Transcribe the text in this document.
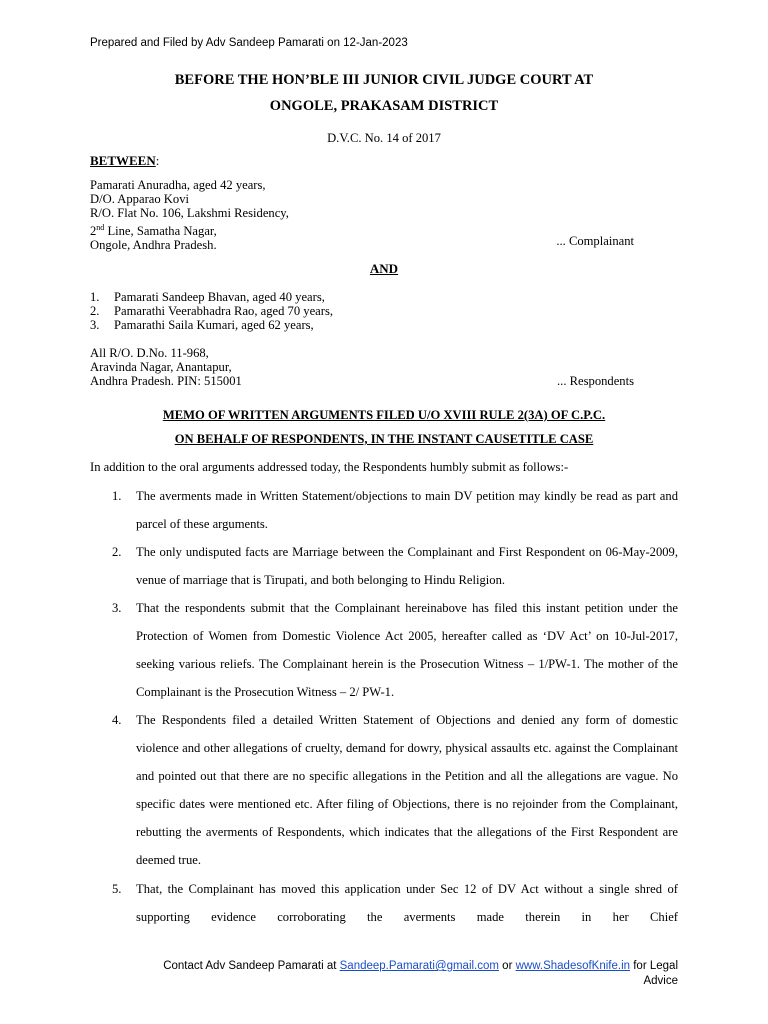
Prepared and Filed by Adv Sandeep Pamarati on 12-Jan-2023
BEFORE THE HON’BLE III JUNIOR CIVIL JUDGE COURT AT
ONGOLE, PRAKASAM DISTRICT
D.V.C. No. 14 of 2017
BETWEEN:
Pamarati Anuradha, aged 42 years,
D/O. Apparao Kovi
R/O. Flat No. 106, Lakshmi Residency,
2nd Line, Samatha Nagar,
Ongole, Andhra Pradesh.	... Complainant
AND
1.	Pamarati Sandeep Bhavan, aged 40 years,
2.	Pamarathi Veerabhadra Rao, aged 70 years,
3.	Pamarathi Saila Kumari, aged 62 years,
All R/O. D.No. 11-968,
Aravinda Nagar, Anantapur,
Andhra Pradesh. PIN: 515001	... Respondents
MEMO OF WRITTEN ARGUMENTS FILED U/O XVIII RULE 2(3A) OF C.P.C.
ON BEHALF OF RESPONDENTS, IN THE INSTANT CAUSETITLE CASE
In addition to the oral arguments addressed today, the Respondents humbly submit as follows:-
1.	The averments made in Written Statement/objections to main DV petition may kindly be read as part and parcel of these arguments.
2.	The only undisputed facts are Marriage between the Complainant and First Respondent on 06-May-2009, venue of marriage that is Tirupati, and both belonging to Hindu Religion.
3.	That the respondents submit that the Complainant hereinabove has filed this instant petition under the Protection of Women from Domestic Violence Act 2005, hereafter called as ‘DV Act’ on 10-Jul-2017, seeking various reliefs. The Complainant herein is the Prosecution Witness – 1/PW-1. The mother of the Complainant is the Prosecution Witness – 2/ PW-1.
4.	The Respondents filed a detailed Written Statement of Objections and denied any form of domestic violence and other allegations of cruelty, demand for dowry, physical assaults etc. against the Complainant and pointed out that there are no specific allegations in the Petition and all the allegations are vague. No specific dates were mentioned etc. After filing of Objections, there is no rejoinder from the Complainant, rebutting the averments of Respondents, which indicates that the allegations of the First Respondent are deemed true.
5.	That, the Complainant has moved this application under Sec 12 of DV Act without a single shred of supporting evidence corroborating the averments made therein in her Chief
Contact Adv Sandeep Pamarati at Sandeep.Pamarati@gmail.com or www.ShadesofKnife.in for Legal
Advice
